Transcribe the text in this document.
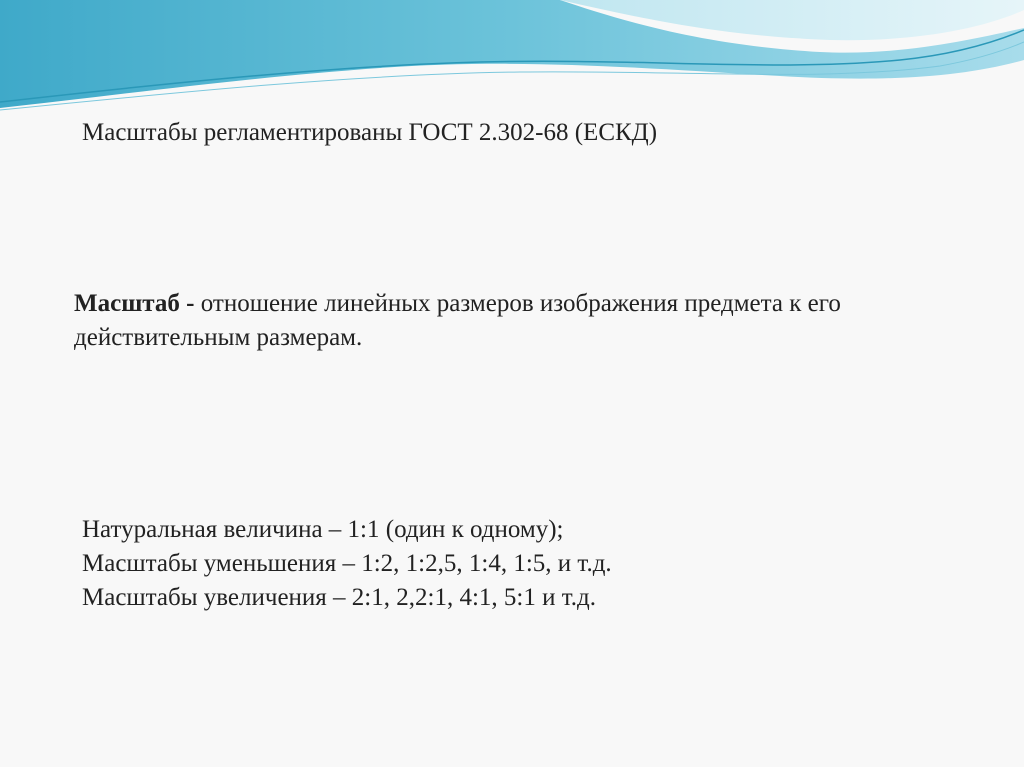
Масштабы регламентированы ГОСТ 2.302-68 (ЕСКД)
Масштаб - отношение линейных размеров изображения предмета к его действительным размерам.
Натуральная величина – 1:1 (один к одному);
Масштабы уменьшения – 1:2, 1:2,5, 1:4, 1:5, и т.д.
Масштабы увеличения – 2:1, 2,2:1, 4:1, 5:1 и т.д.
